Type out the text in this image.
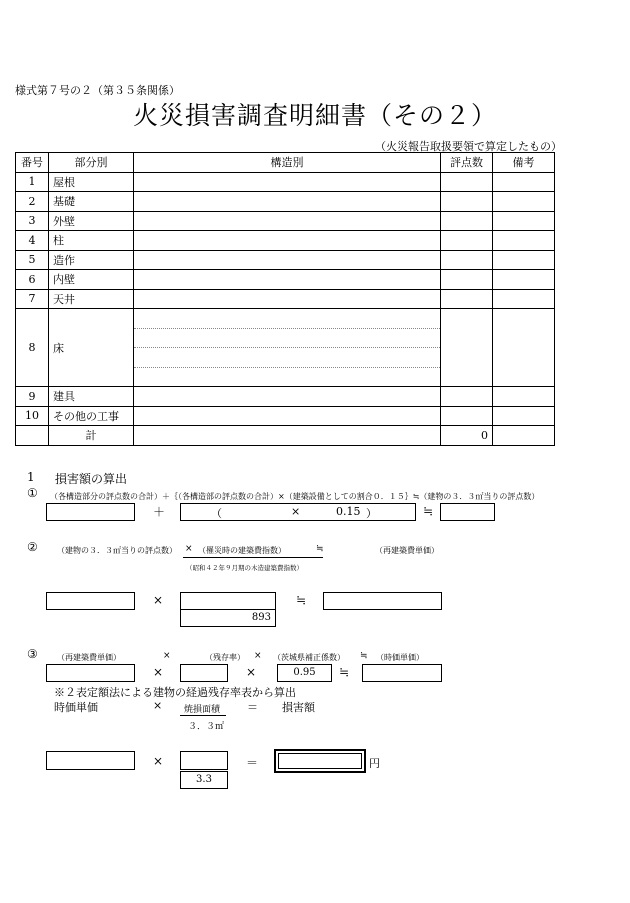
様式第７号の２（第３５条関係）
火災損害調査明細書（その２）
（火災報告取扱要領で算定したもの）
番号	部分別	構造別	評点数	備考
1	屋根			
2	基礎			
3	外壁			
4	柱			
5	造作			
6	内壁			
7	天井			
8	床	

9	建具			
10	その他の工事			
	計		0	
1 損害額の算出
① （各構造部分の評点数の合計）＋｛（各構造部の評点数の合計）×（建築設備としての割合０．１５｝≒（建物の３．３㎡当りの評点数）
＋	（	×	0.15 ）	≒
② （建物の３．３㎡当りの評点数） × （罹災時の建築費指数）	≒	（再建築費単価）
（昭和４２年９月期の木造建築費指数）
×
893
≒
③ （再建築費単価）	×	（残存率） × （茨城県補正係数） ≒ （時価単価）
×	×	0.95	≒
※２表定額法による建物の経過残存率表から算出
時価単価	× 焼損面積
３．３㎡
＝ 損害額
×
3.3
＝	円
